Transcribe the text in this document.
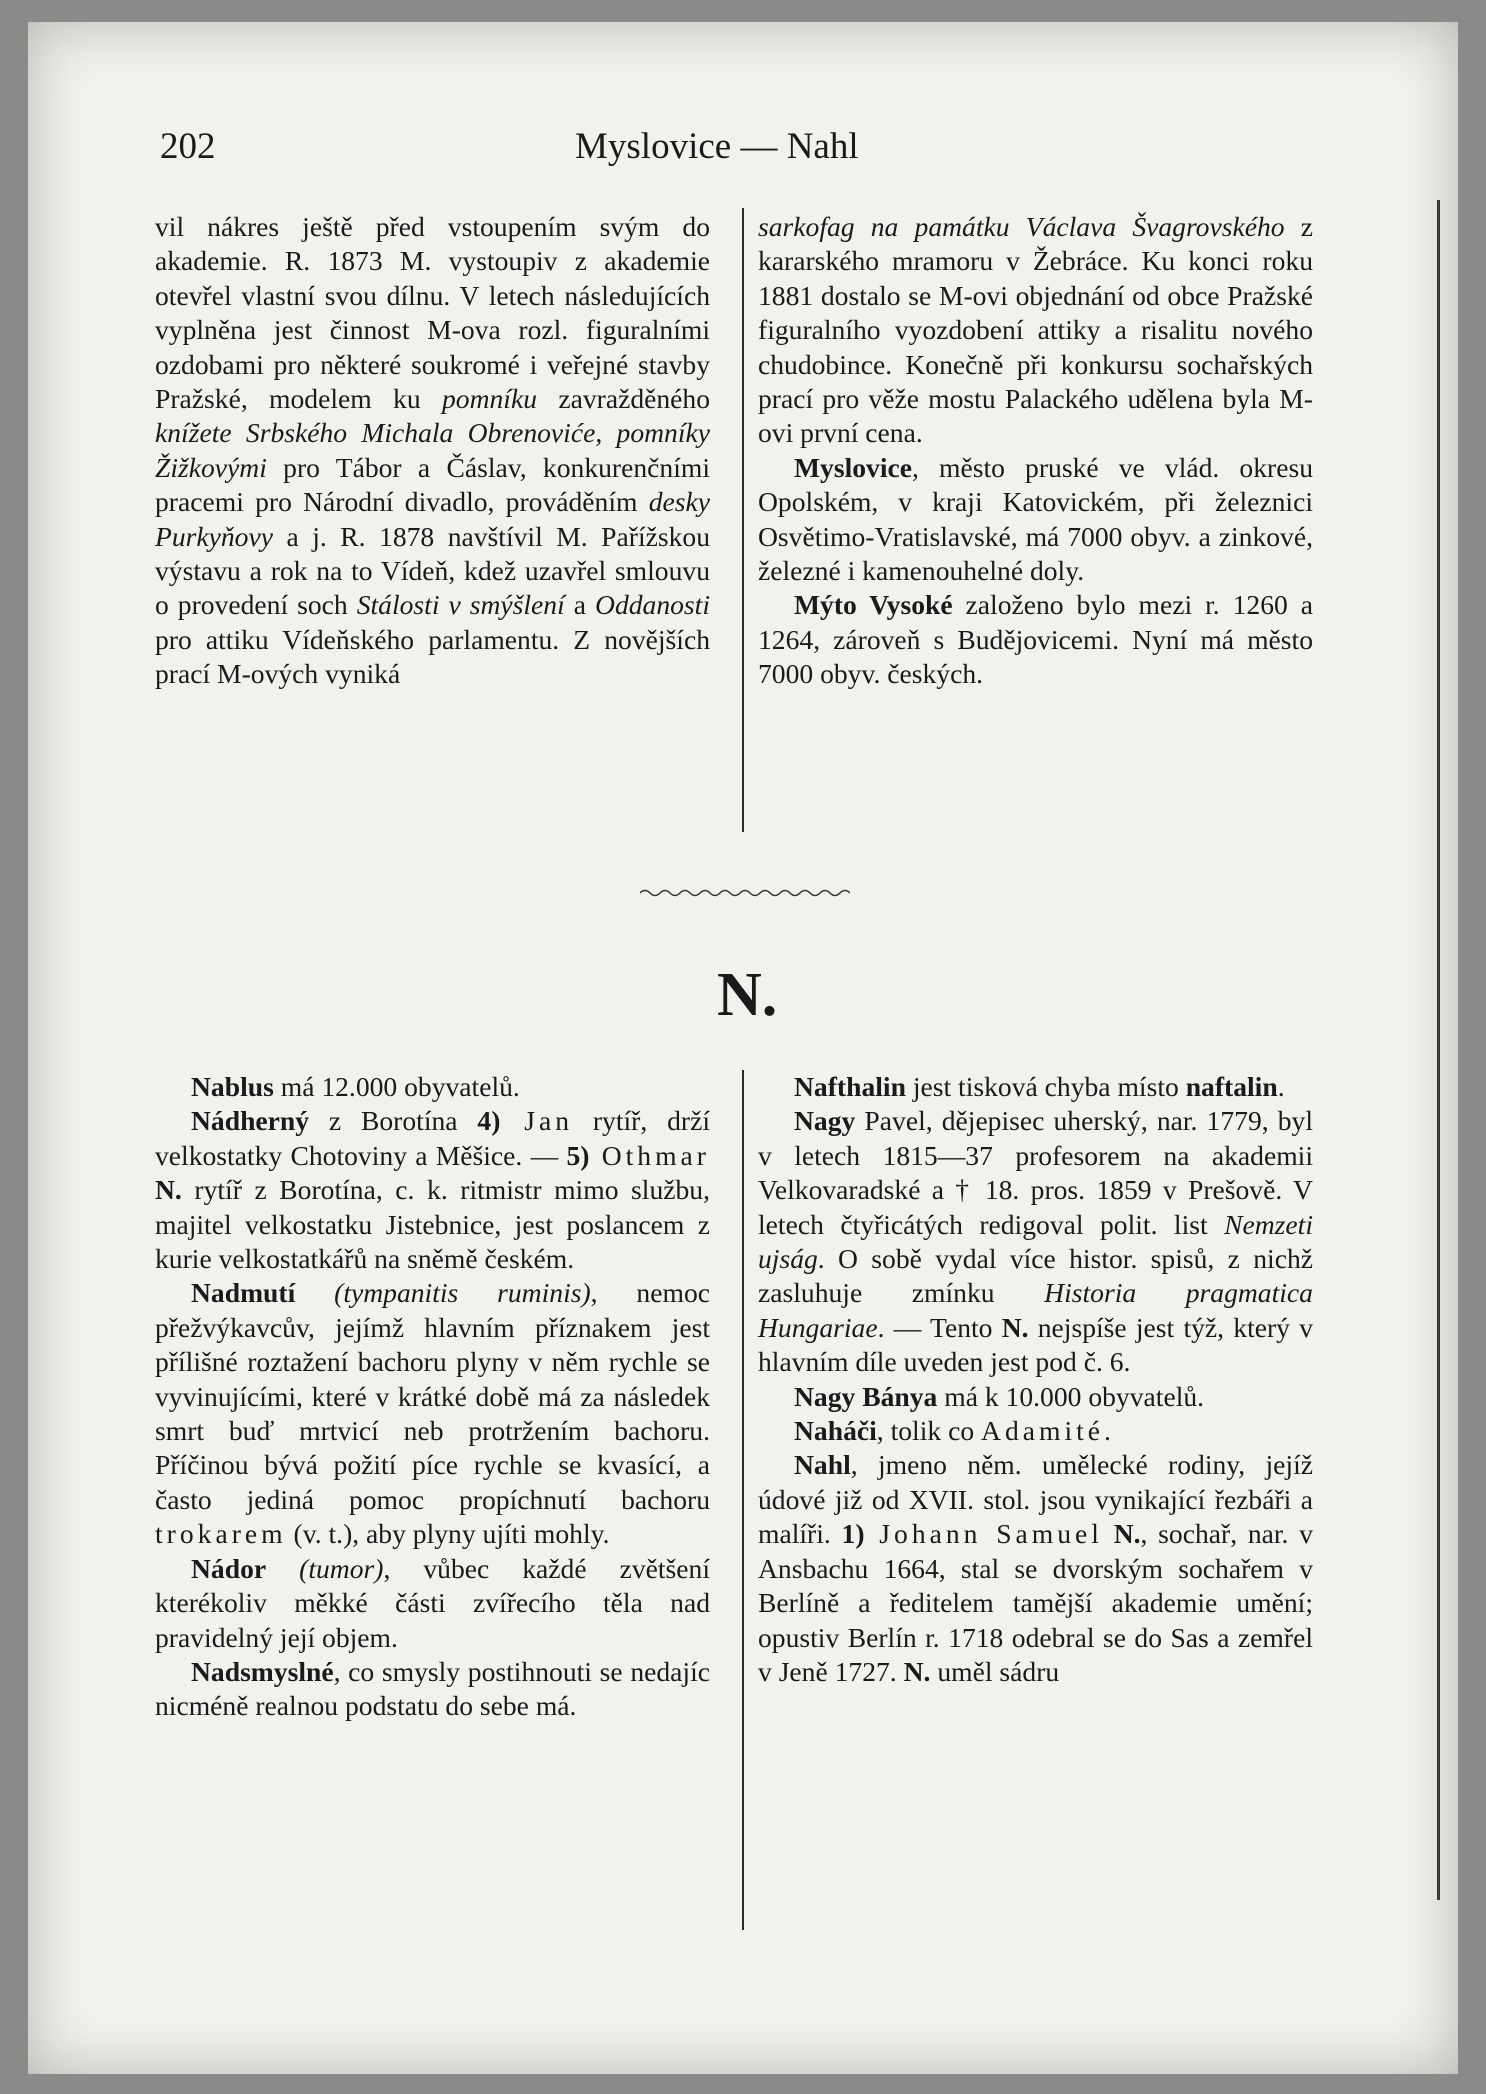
202	Myslovice — Nahl

vil nákres ještě před vstoupením svým do akademie. R. 1873 M. vystoupiv z akademie otevřel vlastní svou dílnu. V letech následujících vyplněna jest činnost M-ova rozl. figuralními ozdobami pro některé soukromé i veřejné stavby Pražské, modelem ku pomníku zavražděného knížete Srbského Michala Obrenoviće, pomníky Žižkovými pro Tábor a Čáslav, konkurenčními pracemi pro Národní divadlo, prováděním desky Purkyňovy a j. R. 1878 navštívil M. Pařížskou výstavu a rok na to Vídeň, kdež uzavřel smlouvu o provedení soch Stálosti v smýšlení a Oddanosti pro attiku Vídeňského parlamentu. Z novějších prací M-ových vyniká

sarkofag na památku Václava Švagrovského z kararského mramoru v Žebráce. Ku konci roku 1881 dostalo se M-ovi objednání od obce Pražské figuralního vyozdobení attiky a risalitu nového chudobince. Konečně při konkursu sochařských prací pro věže mostu Palackého udělena byla M-ovi první cena.

Myslovice, město pruské ve vlád. okresu Opolském, v kraji Katovickém, při železnici Osvětimo-Vratislavské, má 7000 obyv. a zinkové, železné i kamenouhelné doly.

Mýto Vysoké založeno bylo mezi r. 1260 a 1264, zároveň s Budějovicemi. Nyní má město 7000 obyv. českých.

N.

Nablus má 12.000 obyvatelů.

Nádherný z Borotína 4) Jan rytíř, drží velkostatky Chotoviny a Měšice. — 5) Othmar N. rytíř z Borotína, c. k. ritmistr mimo službu, majitel velkostatku Jistebnice, jest poslancem z kurie velkostatkářů na sněmě českém.

Nadmutí (tympanitis ruminis), nemoc přežvýkavcův, jejímž hlavním příznakem jest přílišné roztažení bachoru plyny v něm rychle se vyvinujícími, které v krátké době má za následek smrt buď mrtvicí neb protržením bachoru. Příčinou bývá požití píce rychle se kvasící, a často jediná pomoc propíchnutí bachoru trokarem (v. t.), aby plyny ujíti mohly.

Nádor (tumor), vůbec každé zvětšení kterékoliv měkké části zvířecího těla nad pravidelný její objem.

Nadsmyslné, co smysly postihnouti se nedajíc nicméně realnou podstatu do sebe má.

Nafthalin jest tisková chyba místo naftalin.

Nagy Pavel, dějepisec uherský, nar. 1779, byl v letech 1815—37 profesorem na akademii Velkovaradské a † 18. pros. 1859 v Prešově. V letech čtyřicátých redigoval polit. list Nemzeti ujság. O sobě vydal více histor. spisů, z nichž zasluhuje zmínku Historia pragmatica Hungariae. — Tento N. nejspíše jest týž, který v hlavním díle uveden jest pod č. 6.

Nagy Bánya má k 10.000 obyvatelů.

Naháči, tolik co Adamité.

Nahl, jmeno něm. umělecké rodiny, jejíž údové již od XVII. stol. jsou vynikající řezbáři a malíři. 1) Johann Samuel N., sochař, nar. v Ansbachu 1664, stal se dvorským sochařem v Berlíně a ředitelem tamější akademie umění; opustiv Berlín r. 1718 odebral se do Sas a zemřel v Jeně 1727. N. uměl sádru
